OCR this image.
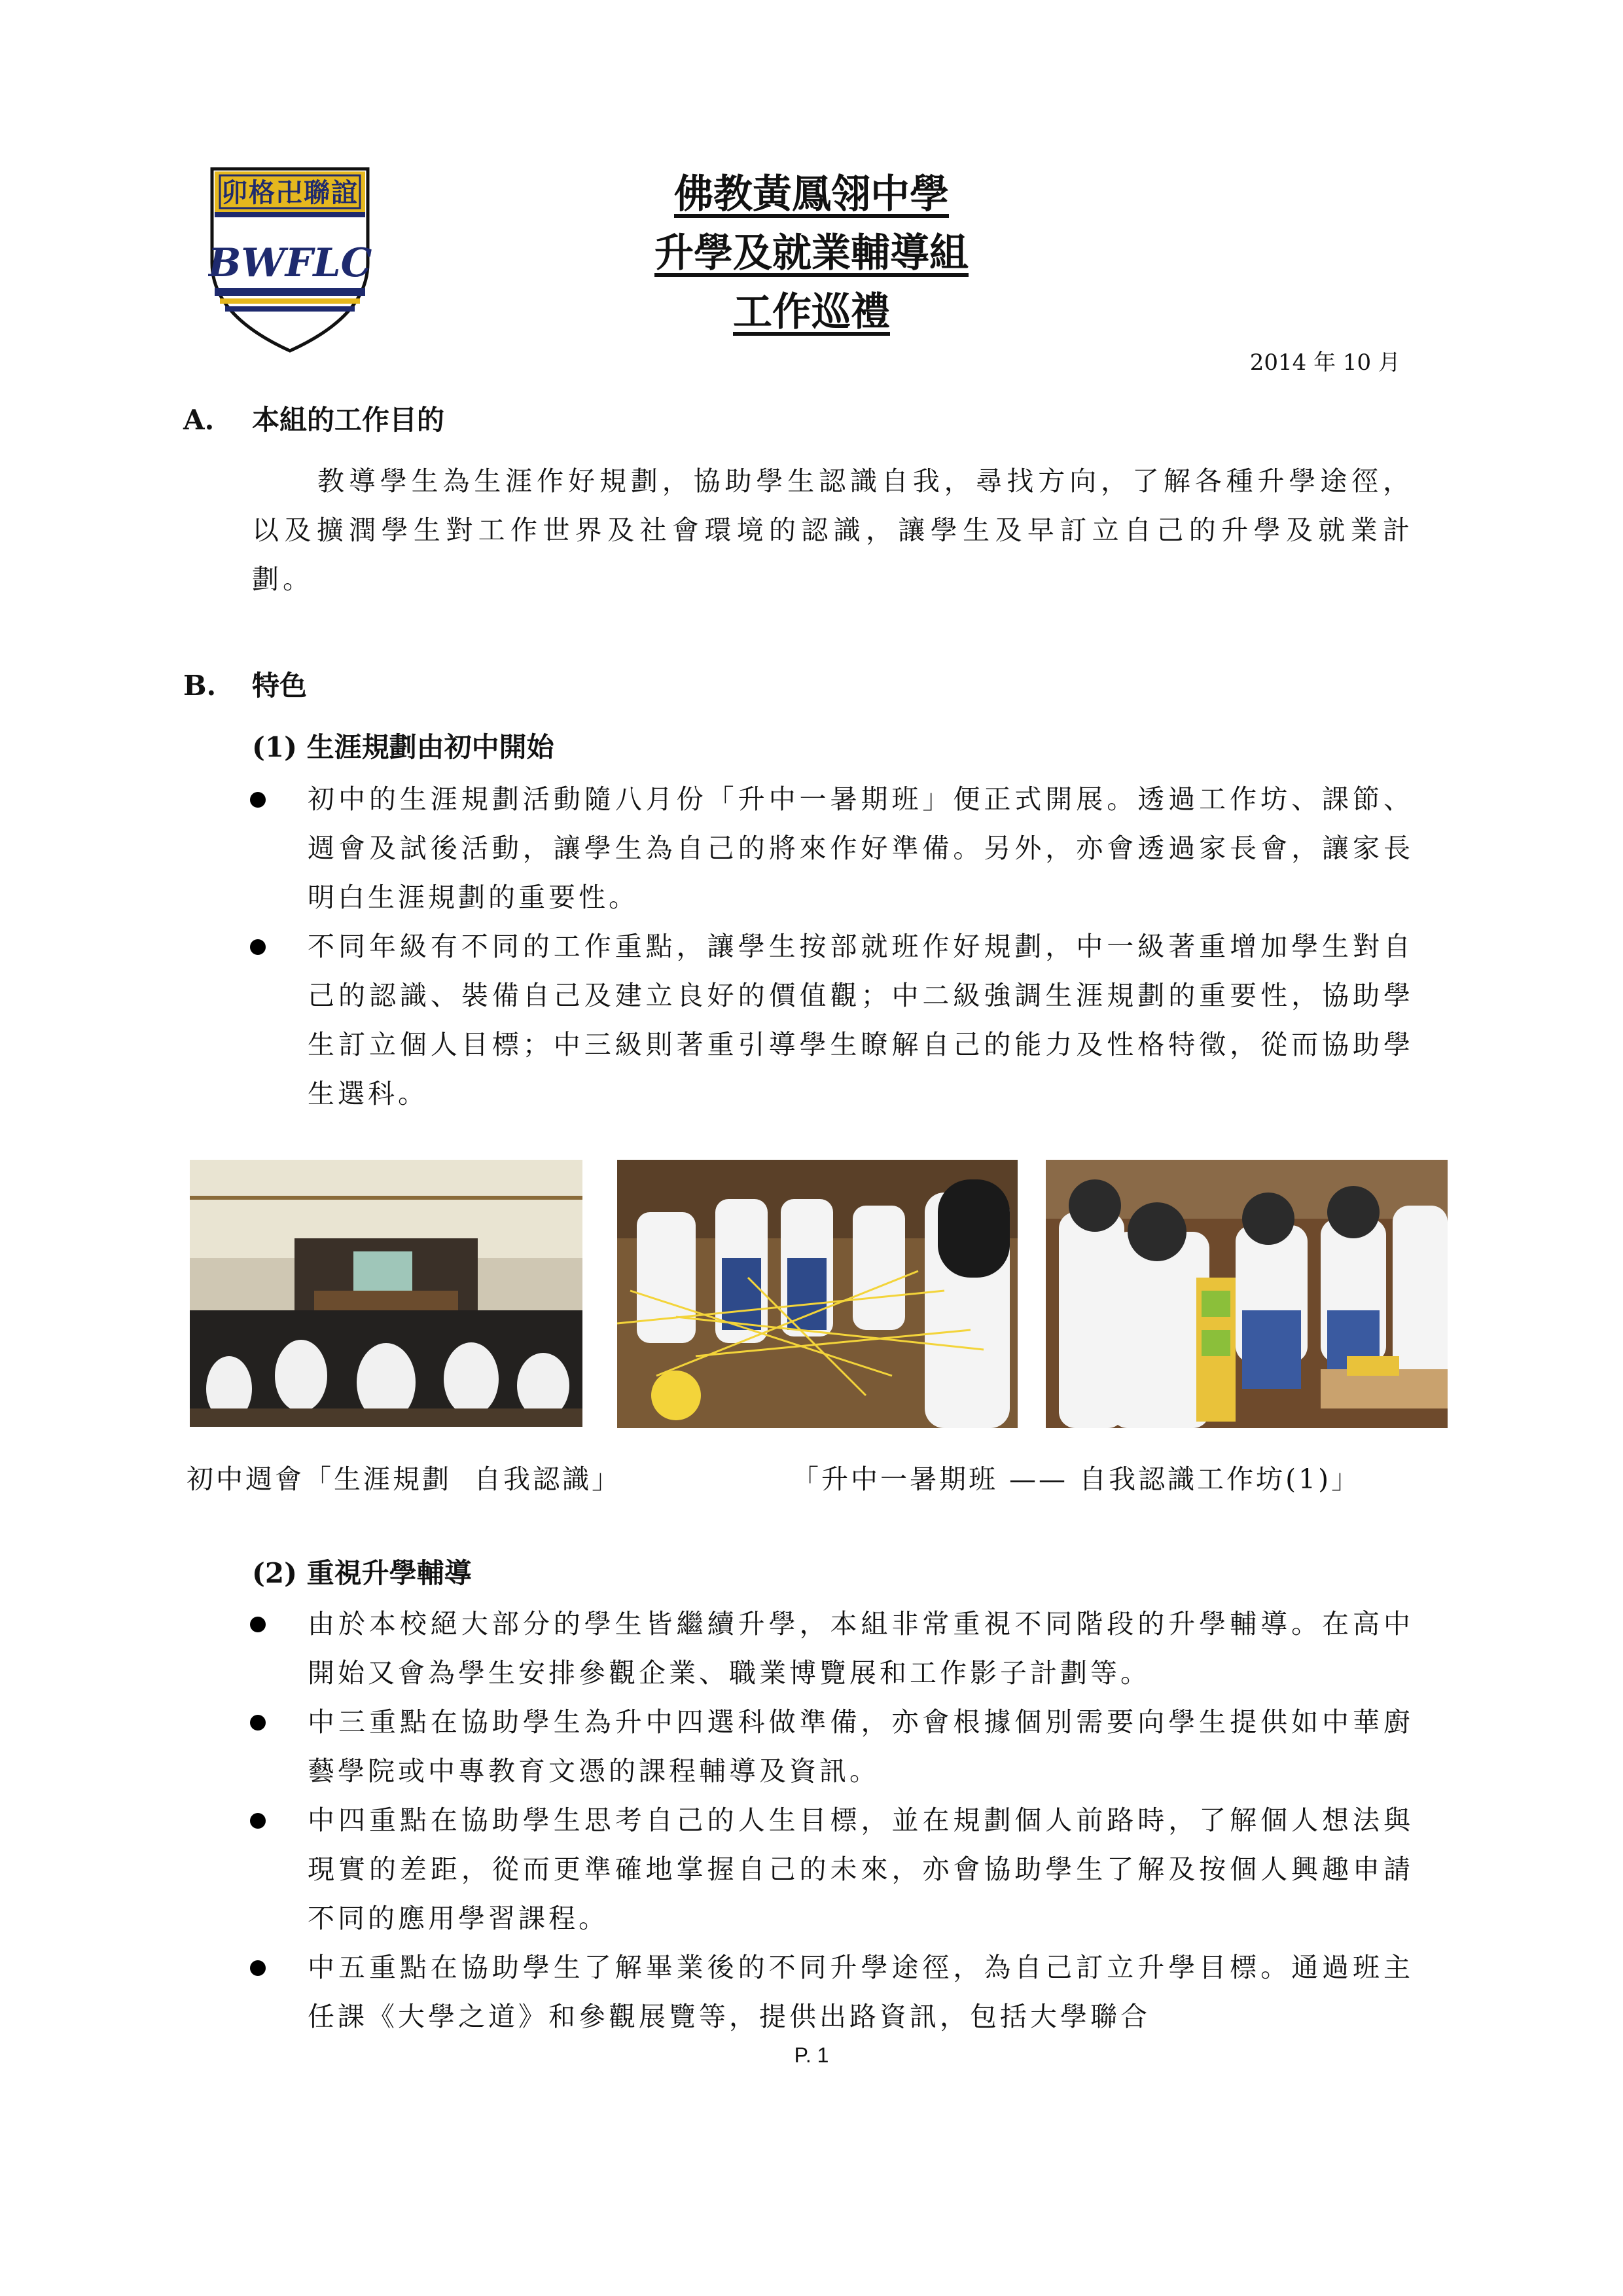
卯格卍聯誼
BWFLC
佛教黃鳳翎中學
升學及就業輔導組
工作巡禮
2014 年 10 月
A. 本組的工作目的
教導學生為生涯作好規劃，協助學生認識自我，尋找方向，了解各種升學途徑，以及擴潤學生對工作世界及社會環境的認識，讓學生及早訂立自己的升學及就業計劃。
B. 特色
(1) 生涯規劃由初中開始
初中的生涯規劃活動隨八月份「升中一暑期班」便正式開展。透過工作坊、課節、週會及試後活動，讓學生為自己的將來作好準備。另外，亦會透過家長會，讓家長明白生涯規劃的重要性。
不同年級有不同的工作重點，讓學生按部就班作好規劃，中一級著重增加學生對自己的認識、裝備自己及建立良好的價值觀；中二級強調生涯規劃的重要性，協助學生訂立個人目標；中三級則著重引導學生瞭解自己的能力及性格特徵，從而協助學生選科。
初中週會「生涯規劃  自我認識」	「升中一暑期班 —— 自我認識工作坊(1)」
(2) 重視升學輔導
由於本校絕大部分的學生皆繼續升學，本組非常重視不同階段的升學輔導。在高中開始又會為學生安排參觀企業、職業博覽展和工作影子計劃等。
中三重點在協助學生為升中四選科做準備，亦會根據個別需要向學生提供如中華廚藝學院或中專教育文憑的課程輔導及資訊。
中四重點在協助學生思考自己的人生目標，並在規劃個人前路時，了解個人想法與現實的差距，從而更準確地掌握自己的未來，亦會協助學生了解及按個人興趣申請不同的應用學習課程。
中五重點在協助學生了解畢業後的不同升學途徑，為自己訂立升學目標。通過班主任課《大學之道》和參觀展覽等，提供出路資訊，包括大學聯合
P. 1
